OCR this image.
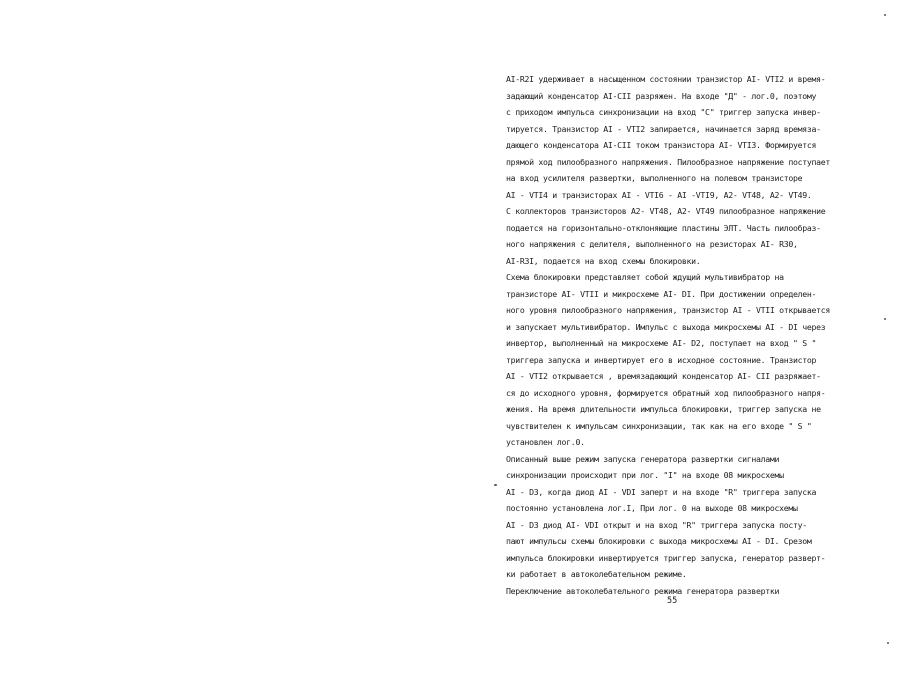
AI-R2I удерживает в насыщенном состоянии транзистор AI- VTI2 и время-
задающий конденсатор AI-CII разряжен. На входе "Д" - лог.0, поэтому
с приходом импульса синхронизации на вход "С" триггер запуска инвер-
тируется. Транзистор AI - VTI2 запирается, начинается заряд времяза-
дающего конденсатора AI-CII током транзистора AI- VTI3. Формируется
прямой ход пилообразного напряжения. Пилообразное напряжение поступает
на вход усилителя развертки, выполненного на полевом транзисторе
AI - VTI4 и транзисторах AI - VTI6 - AI -VTI9, A2- VT48, A2- VT49.
С коллекторов транзисторов A2- VT48, A2- VT49 пилообразное напряжение
подается на горизонтально-отклоняющие пластины ЭЛТ. Часть пилообраз-
ного напряжения с делителя, выполненного на резисторах AI- R30,
AI-R3I, подается на вход схемы блокировки.
Схема блокировки представляет собой ждущий мультивибратор на
транзисторе AI- VTII и микросхеме AI- DI. При достижении определен-
ного уровня пилообразного напряжения, транзистор AI - VTII открывается
и запускает мультивибратор. Импульс с выхода микросхемы AI - DI через
инвертор, выполненный на микросхеме AI- D2, поступает на вход " S "
триггера запуска и инвертирует его в исходное состояние. Транзистор
AI - VTI2 открывается , времязадающий конденсатор AI- CII разряжает-
ся до исходного уровня, формируется обратный ход пилообразного напря-
жения. На время длительности импульса блокировки, триггер запуска не
чувствителен к импульсам синхронизации, так как на его входе " S "
установлен лог.0.
Описанный выше режим запуска генератора развертки сигналами
синхронизации происходит при лог. "I" на входе 08 микросхемы
AI - D3, когда диод AI - VDI заперт и на входе "R" триггера запуска
постоянно установлена лог.I, При лог. 0 на выходе 08 микросхемы
AI - D3 диод AI- VDI открыт и на вход "R" триггера запуска посту-
пают импульсы схемы блокировки с выхода микросхемы AI - DI. Срезом
импульса блокировки инвертируется триггер запуска, генератор разверт-
ки работает в автоколебательном режиме.
Переключение автоколебательного режима генератора развертки
55
